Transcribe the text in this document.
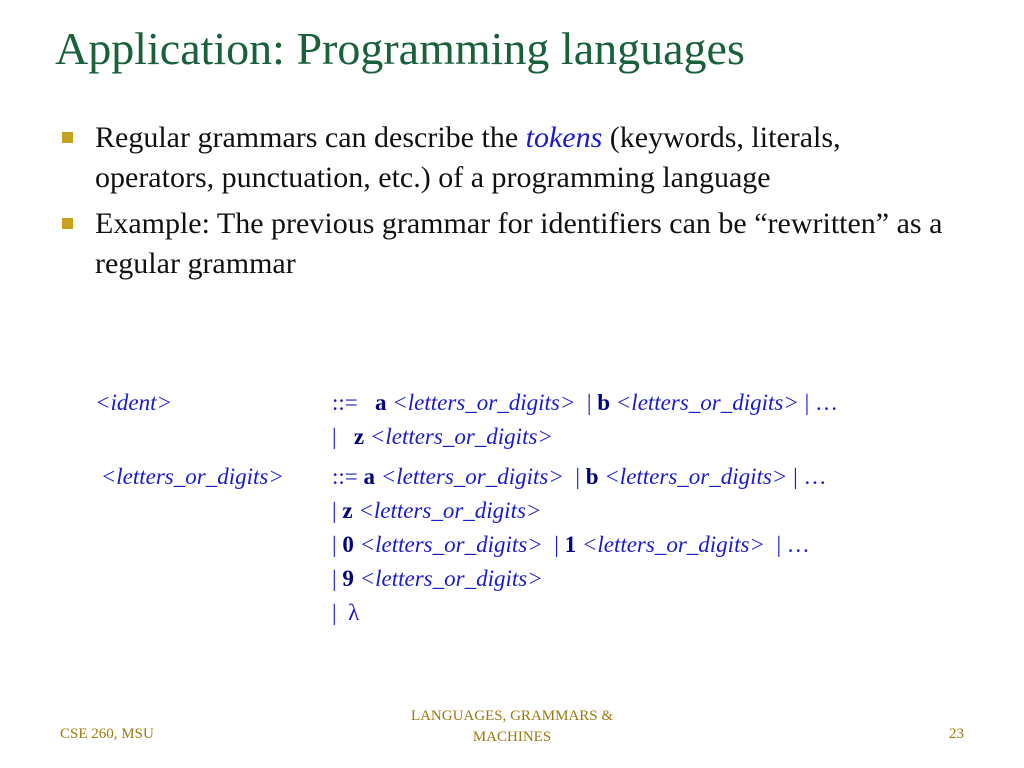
Application: Programming languages
Regular grammars can describe the tokens (keywords, literals, operators, punctuation, etc.) of a programming language
Example: The previous grammar for identifiers can be “rewritten” as a regular grammar
<ident>	::=   a <letters_or_digits>  | b <letters_or_digits> | …
|   z <letters_or_digits>
<letters_or_digits>	::= a <letters_or_digits>  | b <letters_or_digits> | …
| z <letters_or_digits>
| 0 <letters_or_digits>  | 1 <letters_or_digits>  | …
| 9 <letters_or_digits>
|  λ
CSE 260, MSU
LANGUAGES, GRAMMARS &
MACHINES	23
